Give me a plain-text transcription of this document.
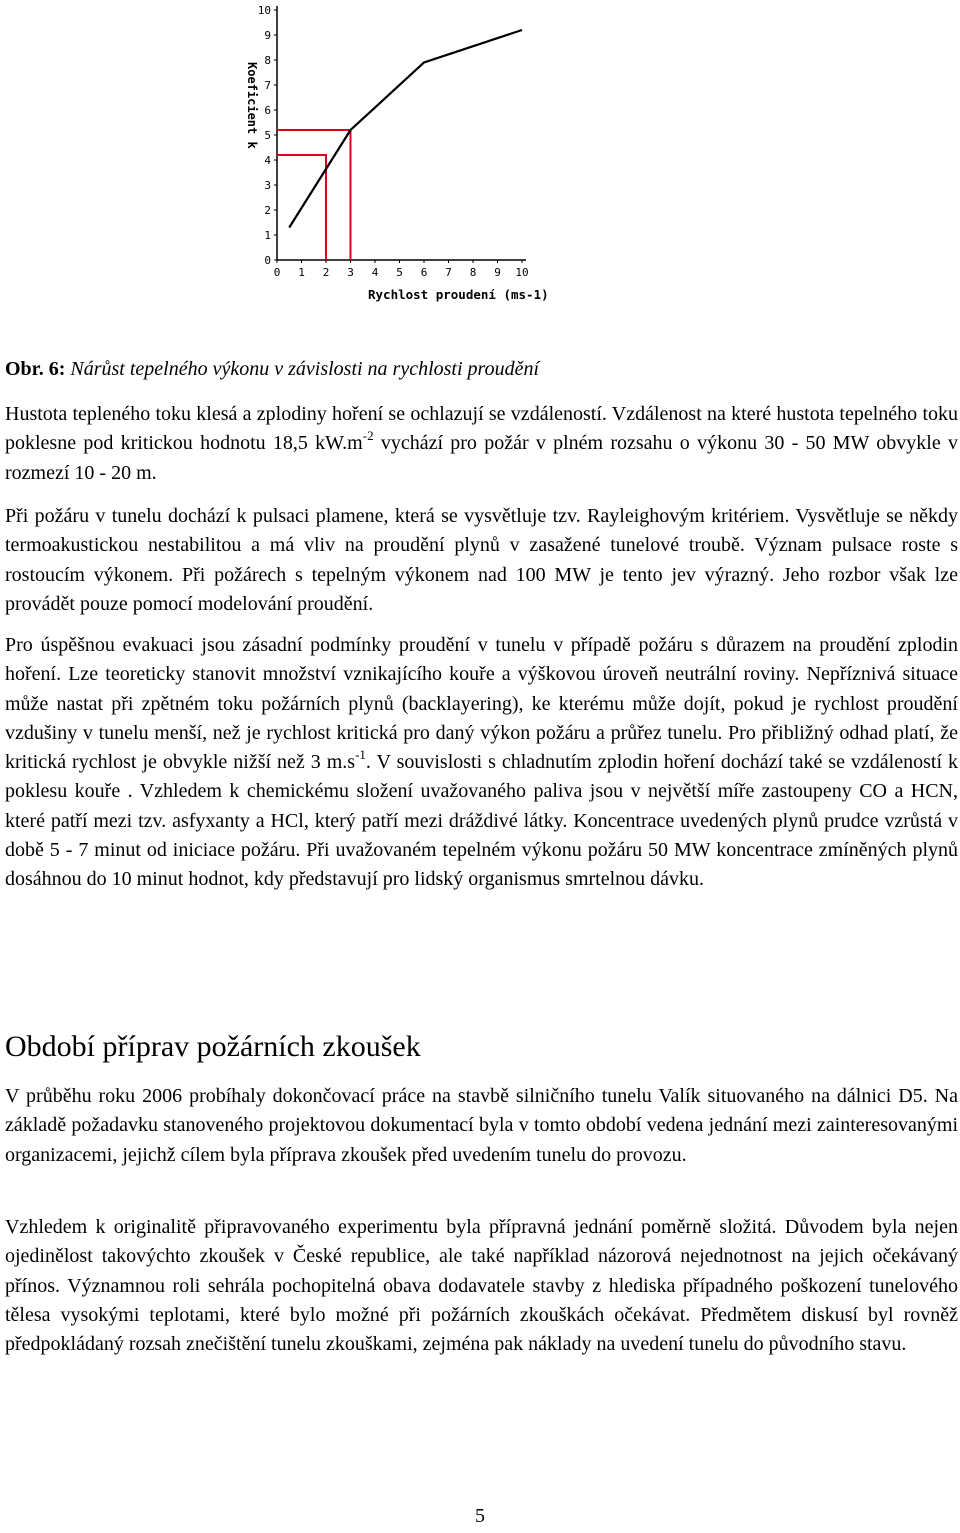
0
1
2
3
4
5
6
7
8
9
10
0 1 2 3 4 5 6 7 8 9 10
Koeficient k
Rychlost proudení (ms-1)

Obr. 6: Nárůst tepelného výkonu v závislosti na rychlosti proudění

Hustota tepleného toku klesá a zplodiny hoření se ochlazují se vzdáleností. Vzdálenost na které hustota tepelného toku poklesne pod kritickou hodnotu 18,5 $kW.m^{-2}$ vychází pro požár v plném rozsahu o výkonu 30 - 50 MW obvykle v rozmezí 10 - 20 m.

Při požáru v tunelu dochází k pulsaci plamene, která se vysvětluje tzv. Rayleighovým kritériem. Vysvětluje se někdy termoakustickou nestabilitou a má vliv na proudění plynů v zasažené tunelové troubě. Význam pulsace roste s rostoucím výkonem. Při požárech s tepelným výkonem nad 100 MW je tento jev výrazný. Jeho rozbor však lze provádět pouze pomocí modelování proudění.

Pro úspěšnou evakuaci jsou zásadní podmínky proudění v tunelu v případě požáru s důrazem na proudění zplodin hoření. Lze teoreticky stanovit množství vznikajícího kouře a výškovou úroveň neutrální roviny. Nepříznivá situace může nastat při zpětném toku požárních plynů (backlayering), ke kterému může dojít, pokud je rychlost proudění vzdušiny v tunelu menší, než je rychlost kritická pro daný výkon požáru a průřez tunelu. Pro přibližný odhad platí, že kritická rychlost je obvykle nižší než 3 $m.s^{-1}$. V souvislosti s chladnutím zplodin hoření dochází také se vzdáleností k poklesu kouře . Vzhledem k chemickému složení uvažovaného paliva jsou v největší míře zastoupeny CO a HCN, které patří mezi tzv. asfyxanty a HCl, který patří mezi dráždivé látky. Koncentrace uvedených plynů prudce vzrůstá v době 5 - 7 minut od iniciace požáru. Při uvažovaném tepelném výkonu požáru 50 MW koncentrace zmíněných plynů dosáhnou do 10 minut hodnot, kdy představují pro lidský organismus smrtelnou dávku.

Období příprav požárních zkoušek

V průběhu roku 2006 probíhaly dokončovací práce na stavbě silničního tunelu Valík situovaného na dálnici D5. Na základě požadavku stanoveného projektovou dokumentací byla v tomto období vedena jednání mezi zainteresovanými organizacemi, jejichž cílem byla příprava zkoušek před uvedením tunelu do provozu.

Vzhledem k originalitě připravovaného experimentu byla přípravná jednání poměrně složitá. Důvodem byla nejen ojedinělost takovýchto zkoušek v České republice, ale také například názorová nejednotnost na jejich očekávaný přínos. Významnou roli sehrála pochopitelná obava dodavatele stavby z hlediska případného poškození tunelového tělesa vysokými teplotami, které bylo možné při požárních zkouškách očekávat. Předmětem diskusí byl rovněž předpokládaný rozsah znečištění tunelu zkouškami, zejména pak náklady na uvedení tunelu do původního stavu.

5
